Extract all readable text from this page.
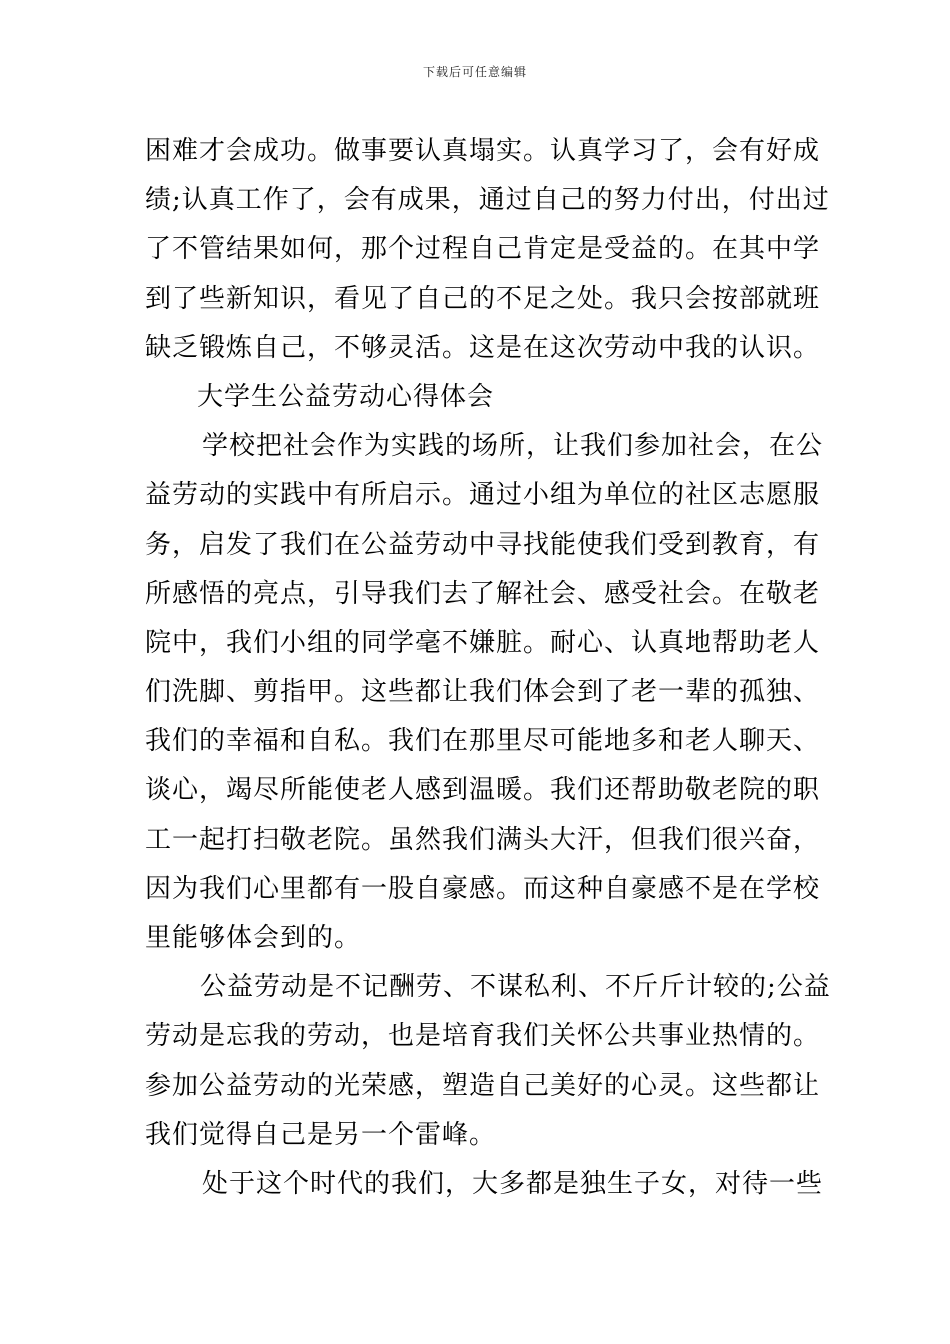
下载后可任意编辑
困难才会成功。做事要认真塌实。认真学习了，会有好成
绩;认真工作了，会有成果，通过自己的努力付出，付出过
了不管结果如何，那个过程自己肯定是受益的。在其中学
到了些新知识，看见了自己的不足之处。我只会按部就班
缺乏锻炼自己，不够灵活。这是在这次劳动中我的认识。
大学生公益劳动心得体会
学校把社会作为实践的场所，让我们参加社会，在公
益劳动的实践中有所启示。通过小组为单位的社区志愿服
务，启发了我们在公益劳动中寻找能使我们受到教育，有
所感悟的亮点，引导我们去了解社会、感受社会。在敬老
院中，我们小组的同学毫不嫌脏。耐心、认真地帮助老人
们洗脚、剪指甲。这些都让我们体会到了老一辈的孤独、
我们的幸福和自私。我们在那里尽可能地多和老人聊天、
谈心，竭尽所能使老人感到温暖。我们还帮助敬老院的职
工一起打扫敬老院。虽然我们满头大汗，但我们很兴奋，
因为我们心里都有一股自豪感。而这种自豪感不是在学校
里能够体会到的。
公益劳动是不记酬劳、不谋私利、不斤斤计较的;公益
劳动是忘我的劳动，也是培育我们关怀公共事业热情的。
参加公益劳动的光荣感，塑造自己美好的心灵。这些都让
我们觉得自己是另一个雷峰。
处于这个时代的我们，大多都是独生子女，对待一些
